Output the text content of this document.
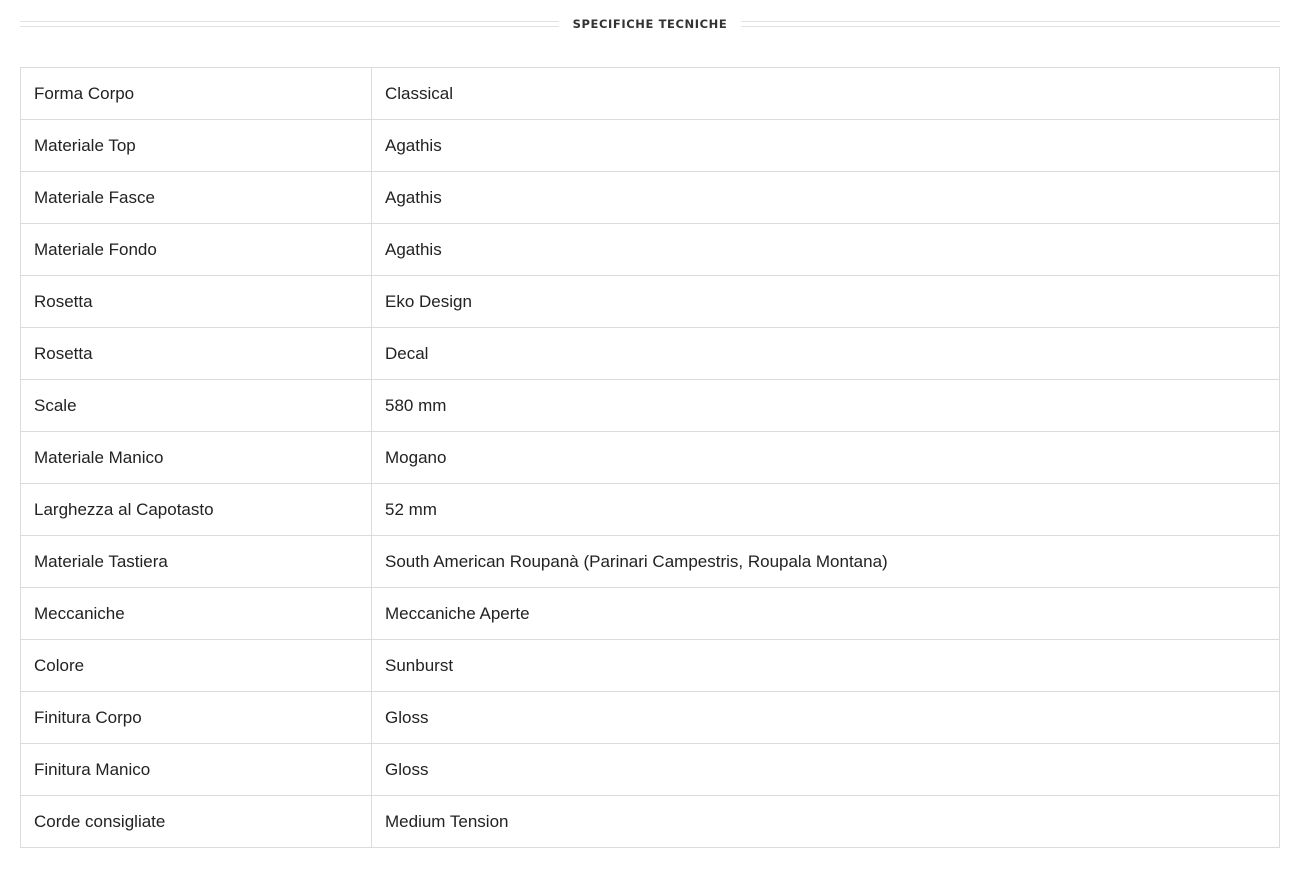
SPECIFICHE TECNICHE
Forma Corpo	Classical
Materiale Top	Agathis
Materiale Fasce	Agathis
Materiale Fondo	Agathis
Rosetta	Eko Design
Rosetta	Decal
Scale	580 mm
Materiale Manico	Mogano
Larghezza al Capotasto	52 mm
Materiale Tastiera	South American Roupanà (Parinari Campestris, Roupala Montana)
Meccaniche	Meccaniche Aperte
Colore	Sunburst
Finitura Corpo	Gloss
Finitura Manico	Gloss
Corde consigliate	Medium Tension
